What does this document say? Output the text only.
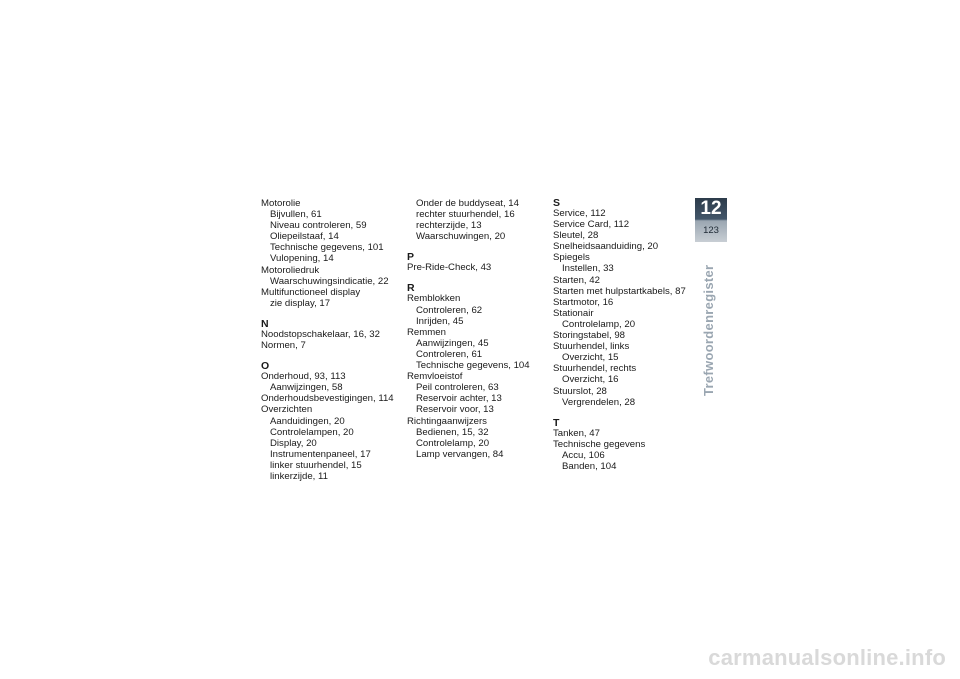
Motorolie
Bijvullen, 61
Niveau controleren, 59
Oliepeilstaaf, 14
Technische gegevens, 101
Vulopening, 14
Motoroliedruk
Waarschuwingsindicatie, 22
Multifunctioneel display
zie display, 17
N
Noodstopschakelaar, 16, 32
Normen, 7
O
Onderhoud, 93, 113
Aanwijzingen, 58
Onderhoudsbevestigingen, 114
Overzichten
Aanduidingen, 20
Controlelampen, 20
Display, 20
Instrumentenpaneel, 17
linker stuurhendel, 15
linkerzijde, 11
Onder de buddyseat, 14
rechter stuurhendel, 16
rechterzijde, 13
Waarschuwingen, 20
P
Pre-Ride-Check, 43
R
Remblokken
Controleren, 62
Inrijden, 45
Remmen
Aanwijzingen, 45
Controleren, 61
Technische gegevens, 104
Remvloeistof
Peil controleren, 63
Reservoir achter, 13
Reservoir voor, 13
Richtingaanwijzers
Bedienen, 15, 32
Controlelamp, 20
Lamp vervangen, 84
S
Service, 112
Service Card, 112
Sleutel, 28
Snelheidsaanduiding, 20
Spiegels
Instellen, 33
Starten, 42
Starten met hulpstartkabels, 87
Startmotor, 16
Stationair
Controlelamp, 20
Storingstabel, 98
Stuurhendel, links
Overzicht, 15
Stuurhendel, rechts
Overzicht, 16
Stuurslot, 28
Vergrendelen, 28
T
Tanken, 47
Technische gegevens
Accu, 106
Banden, 104
12
123
Trefwoordenregister
carmanualsonline.info
